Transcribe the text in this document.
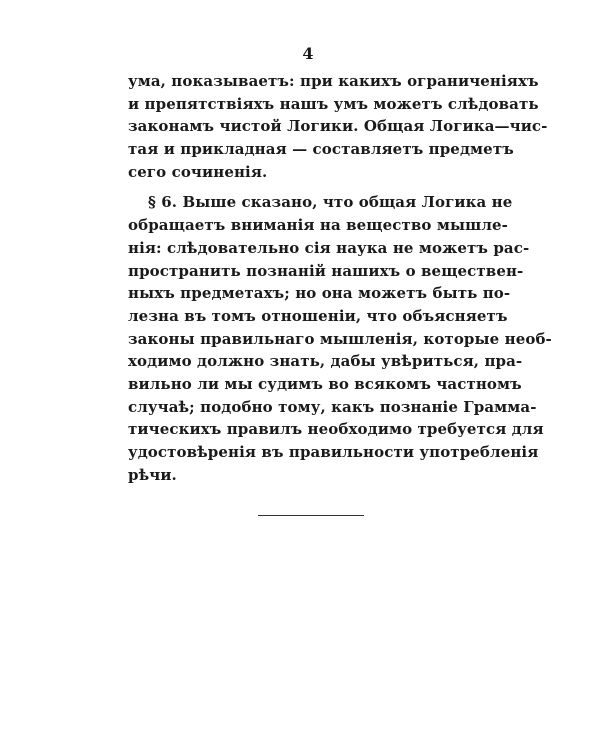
4
ума, показываетъ: при какихъ ограниченiяхъ
и препятствiяхъ нашъ умъ можетъ слѣдовать
законамъ чистой Логики. Общая Логика—чис-
тая и прикладная — составляетъ предметъ
сего сочиненiя.
§ 6. Выше сказано, что общая Логика не
обращаетъ вниманiя на вещество мышле-
нiя: слѣдовательно сiя наука не можетъ рас-
пространить познанiй нашихъ о веществен-
ныхъ предметахъ; но она можетъ быть по-
лезна въ томъ отношенiи, что объясняетъ
законы правильнаго мышленiя, которые необ-
ходимо должно знать, дабы увѣриться, пра-
вильно ли мы судимъ во всякомъ частномъ
случаѣ; подобно тому, какъ познанiе Грамма-
тическихъ правилъ необходимо требуется для
удостовѣренiя въ правильности употребленiя
рѣчи.
